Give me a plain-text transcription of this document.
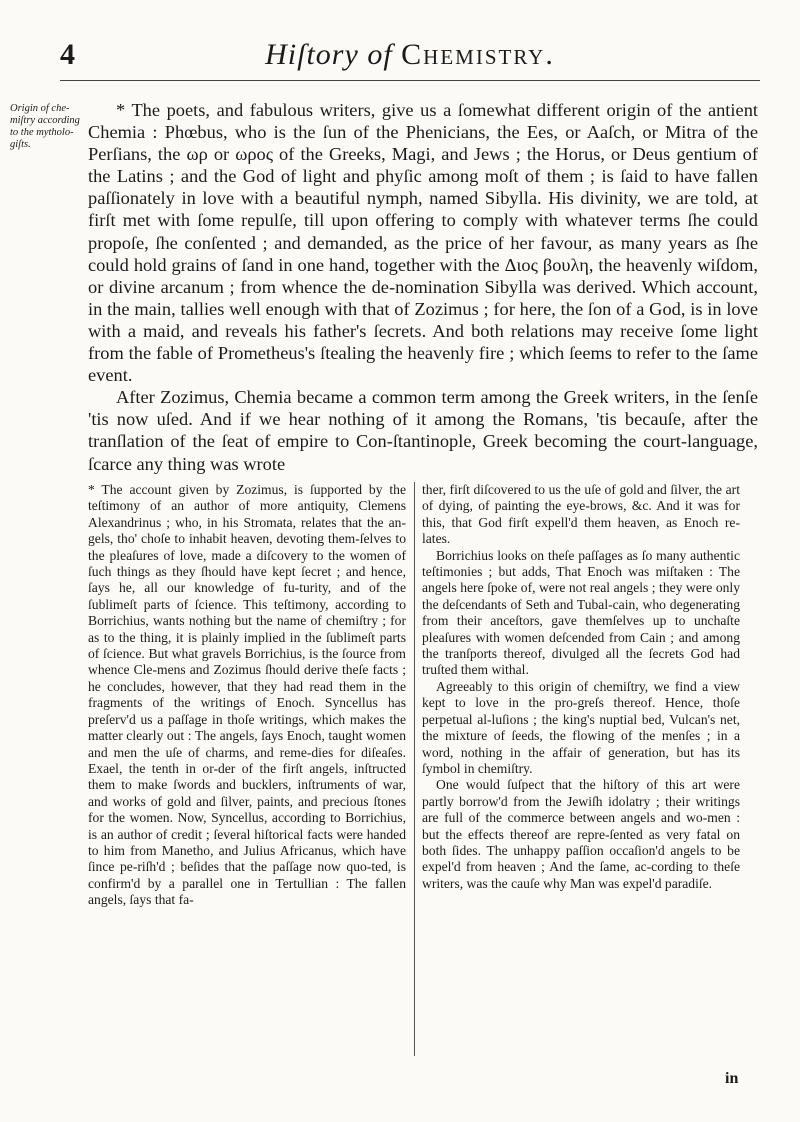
4	Hiſtory of Chemistry.
Origin of che-miſtry according to the mytholo-giſts.

* The poets, and fabulous writers, give us a ſomewhat different origin of the antient Chemia : Phœbus, who is the ſun of the Phenicians, the Ees, or Aaſch, or Mitra of the Perſians, the ωρ or ωρος of the Greeks, Magi, and Jews ; the Horus, or Deus gentium of the Latins ; and the God of light and phyſic among moſt of them ; is ſaid to have fallen paſſionately in love with a beautiful nymph, named Sibylla. His divinity, we are told, at firſt met with ſome repulſe, till upon offering to comply with whatever terms ſhe could propoſe, ſhe conſented ; and demanded, as the price of her favour, as many years as ſhe could hold grains of ſand in one hand, together with the Διος βουλη, the heavenly wiſdom, or divine arcanum ; from whence the de-nomination Sibylla was derived. Which account, in the main, tallies well enough with that of Zozimus ; for here, the ſon of a God, is in love with a maid, and reveals his father's ſecrets. And both relations may receive ſome light from the fable of Prometheus's ſtealing the heavenly fire ; which ſeems to refer to the ſame event.

After Zozimus, Chemia became a common term among the Greek writers, in the ſenſe 'tis now uſed. And if we hear nothing of it among the Romans, 'tis becauſe, after the tranſlation of the ſeat of empire to Con-ſtantinople, Greek becoming the court-language, ſcarce any thing was wrote

* The account given by Zozimus, is ſupported by the teſtimony of an author of more antiquity, Clemens Alexandrinus ; who, in his Stromata, relates that the an-gels, tho' choſe to inhabit heaven, devoting them-ſelves to the pleaſures of love, made a diſcovery to the women of ſuch things as they ſhould have kept ſecret ; and hence, ſays he, all our knowledge of fu-turity, and of the ſublimeſt parts of ſcience. This teſtimony, according to Borrichius, wants nothing but the name of chemiſtry ; for as to the thing, it is plainly implied in the ſublimeſt parts of ſcience. But what gravels Borrichius, is the ſource from whence Cle-mens and Zozimus ſhould derive theſe facts ; he concludes, however, that they had read them in the fragments of the writings of Enoch. Syncellus has preſerv'd us a paſſage in thoſe writings, which makes the matter clearly out : The angels, ſays Enoch, taught women and men the uſe of charms, and reme-dies for diſeaſes. Exael, the tenth in or-der of the firſt angels, inſtructed them to make ſwords and bucklers, inſtruments of war, and works of gold and ſilver, paints, and precious ſtones for the women. Now, Syncellus, according to Borrichius, is an author of credit ; ſeveral hiſtorical facts were handed to him from Manetho, and Julius Africanus, which have ſince pe-riſh'd ; beſides that the paſſage now quo-ted, is confirm'd by a parallel one in Tertullian : The fallen angels, ſays that fa-

ther, firſt diſcovered to us the uſe of gold and ſilver, the art of dying, of painting the eye-brows, &c. And it was for this, that God firſt expell'd them heaven, as Enoch re-lates.

Borrichius looks on theſe paſſages as ſo many authentic teſtimonies ; but adds, That Enoch was miſtaken : The angels here ſpoke of, were not real angels ; they were only the deſcendants of Seth and Tubal-cain, who degenerating from their anceſtors, gave themſelves up to unchaſte pleaſures with women deſcended from Cain ; and among the tranſports thereof, divulged all the ſecrets God had truſted them withal.

Agreeably to this origin of chemiſtry, we find a view kept to love in the pro-greſs thereof. Hence, thoſe perpetual al-luſions ; the king's nuptial bed, Vulcan's net, the mixture of ſeeds, the flowing of the menſes ; in a word, nothing in the affair of generation, but has its ſymbol in chemiſtry.

One would ſuſpect that the hiſtory of this art were partly borrow'd from the Jewiſh idolatry ; their writings are full of the commerce between angels and wo-men : but the effects thereof are repre-ſented as very fatal on both ſides. The unhappy paſſion occaſion'd angels to be expel'd from heaven ; And the ſame, ac-cording to theſe writers, was the cauſe why Man was expel'd paradiſe.

in
